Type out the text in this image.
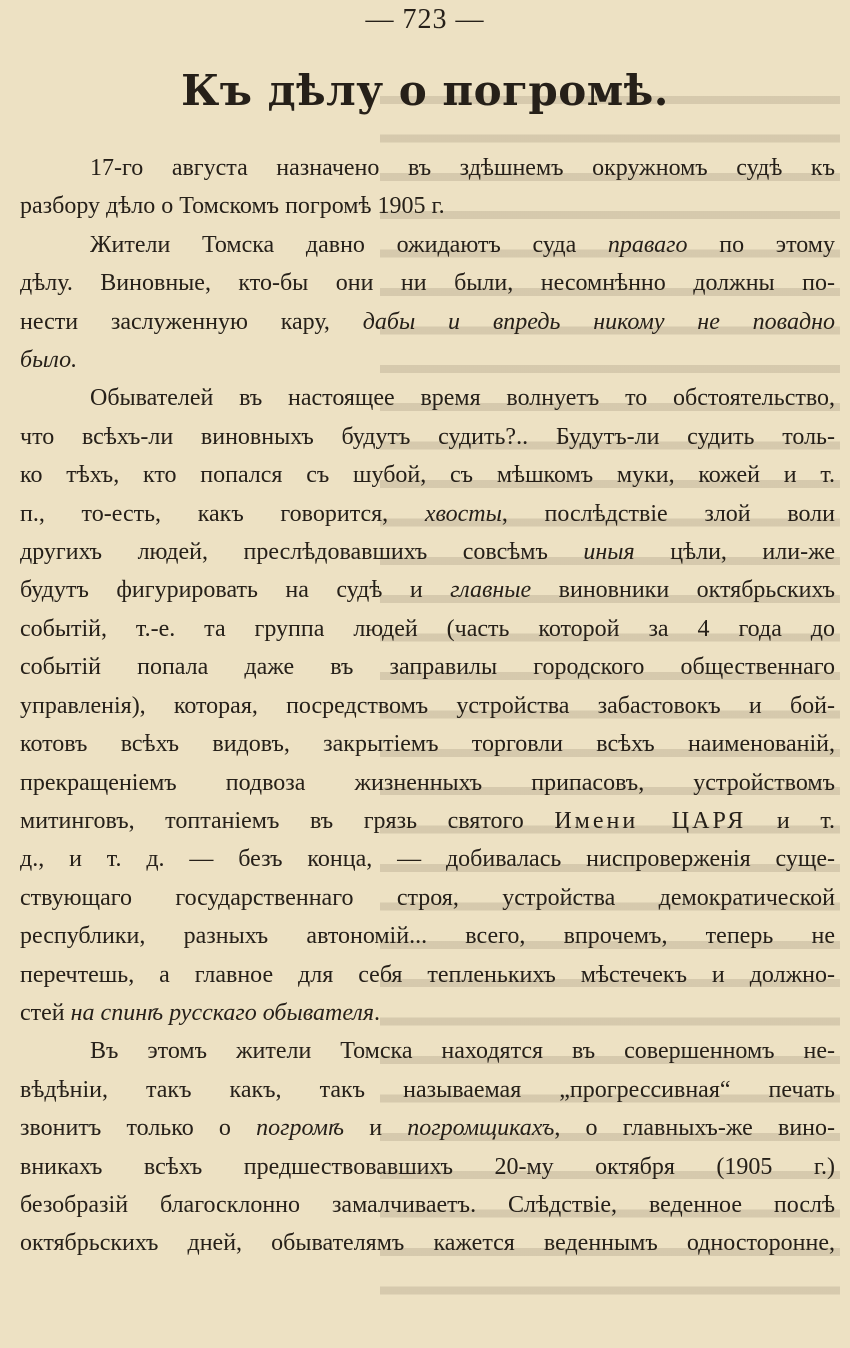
— 723 —
Къ дѣлу о погромѣ.

17-го августа назначено въ здѣшнемъ окружномъ судѣ къ
разбору дѣло о Томскомъ погромѣ 1905 г.

Жители Томска давно ожидаютъ суда праваго по этому
дѣлу. Виновные, кто-бы они ни были, несомнѣнно должны по-
нести заслуженную кару, дабы и впредь никому не повадно
было.

Обывателей въ настоящее время волнуетъ то обстоятельство,
что всѣхъ-ли виновныхъ будутъ судить?.. Будутъ-ли судить толь-
ко тѣхъ, кто попался съ шубой, съ мѣшкомъ муки, кожей и т.
п., то-есть, какъ говорится, хвосты, послѣдствіе злой воли
другихъ людей, преслѣдовавшихъ совсѣмъ иныя цѣли, или-же
будутъ фигурировать на судѣ и главные виновники октябрьскихъ
событій, т.-е. та группа людей (часть которой за 4 года до
событій попала даже въ заправилы городского общественнаго
управленія), которая, посредствомъ устройства забастовокъ и бой-
котовъ всѣхъ видовъ, закрытіемъ торговли всѣхъ наименованій,
прекращеніемъ подвоза жизненныхъ припасовъ, устройствомъ
митинговъ, топтаніемъ въ грязь святого Имени ЦАРЯ и т.
д., и т. д. — безъ конца, — добивалась ниспроверженія суще-
ствующаго государственнаго строя, устройства демократической
республики, разныхъ автономій... всего, впрочемъ, теперь не
перечтешь, а главное для себя тепленькихъ мѣстечекъ и должно-
стей на спинѣ русскаго обывателя.

Въ этомъ жители Томска находятся въ совершенномъ не-
вѣдѣніи, такъ какъ, такъ называемая „прогрессивная“ печать
звонитъ только о погромѣ и погромщикахъ, о главныхъ-же вино-
вникахъ всѣхъ предшествовавшихъ 20-му октября (1905 г.)
безобразій благосклонно замалчиваетъ. Слѣдствіе, веденное послѣ
октябрьскихъ дней, обывателямъ кажется веденнымъ односторонне,
